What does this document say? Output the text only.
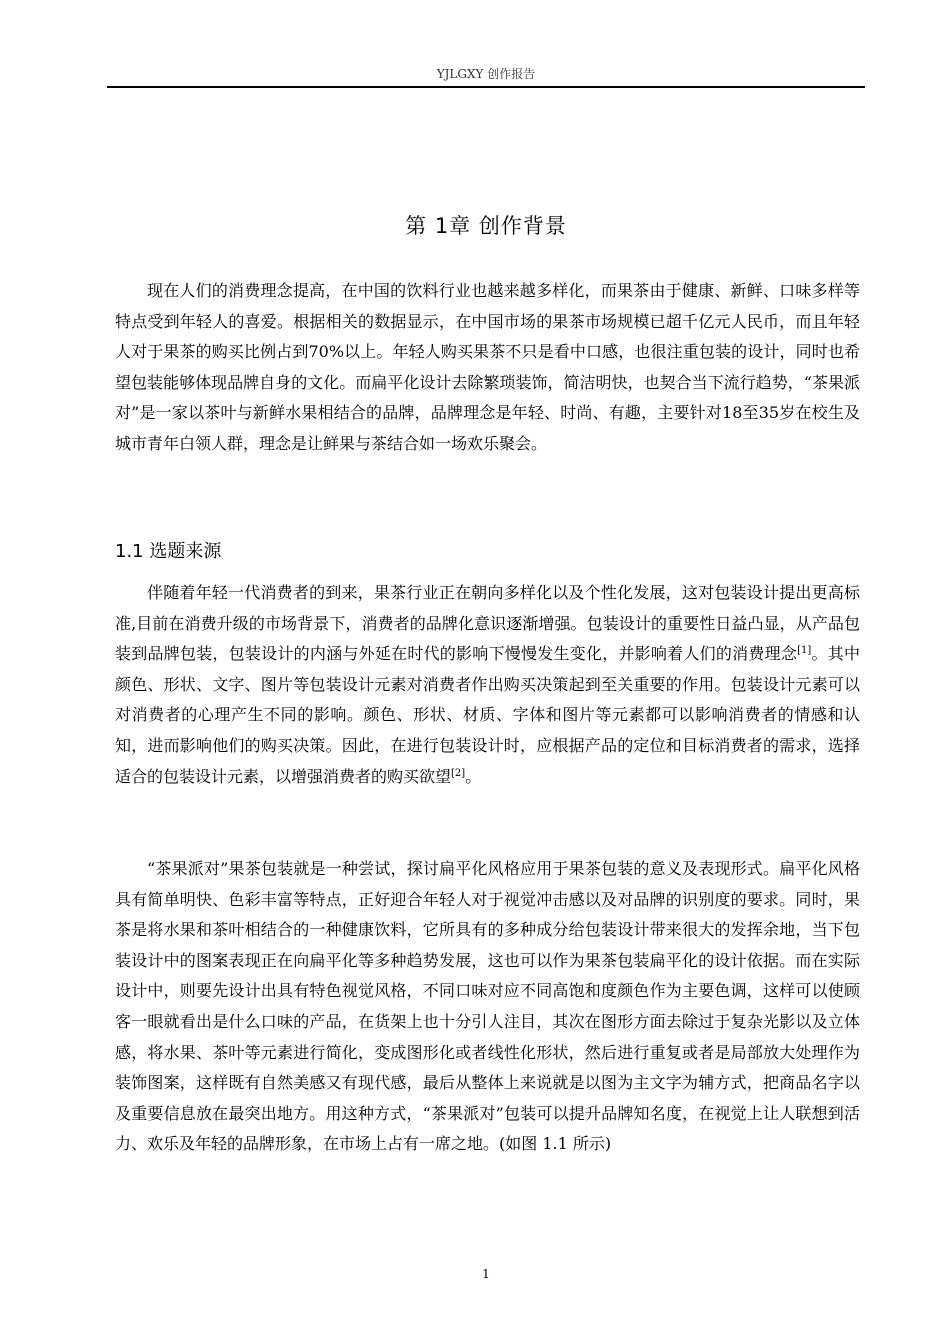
YJLGXY 创作报告
第 1章 创作背景

现在人们的消费理念提高，在中国的饮料行业也越来越多样化，而果茶由于健康、新鲜、口味多样等特点受到年轻人的喜爱。根据相关的数据显示，在中国市场的果茶市场规模已超千亿元人民币，而且年轻人对于果茶的购买比例占到70%以上。年轻人购买果茶不只是看中口感，也很注重包装的设计，同时也希望包装能够体现品牌自身的文化。而扁平化设计去除繁琐装饰，简洁明快，也契合当下流行趋势，“茶果派对”是一家以茶叶与新鲜水果相结合的品牌，品牌理念是年轻、时尚、有趣，主要针对18至35岁在校生及城市青年白领人群，理念是让鲜果与茶结合如一场欢乐聚会。

1.1 选题来源

伴随着年轻一代消费者的到来，果茶行业正在朝向多样化以及个性化发展，这对包装设计提出更高标准,目前在消费升级的市场背景下，消费者的品牌化意识逐渐增强。包装设计的重要性日益凸显，从产品包装到品牌包装，包装设计的内涵与外延在时代的影响下慢慢发生变化，并影响着人们的消费理念[1]。其中颜色、形状、文字、图片等包装设计元素对消费者作出购买决策起到至关重要的作用。包装设计元素可以对消费者的心理产生不同的影响。颜色、形状、材质、字体和图片等元素都可以影响消费者的情感和认知，进而影响他们的购买决策。因此，在进行包装设计时，应根据产品的定位和目标消费者的需求，选择适合的包装设计元素，以增强消费者的购买欲望[2]。

“茶果派对”果茶包装就是一种尝试，探讨扁平化风格应用于果茶包装的意义及表现形式。扁平化风格具有简单明快、色彩丰富等特点，正好迎合年轻人对于视觉冲击感以及对品牌的识别度的要求。同时，果茶是将水果和茶叶相结合的一种健康饮料，它所具有的多种成分给包装设计带来很大的发挥余地，当下包装设计中的图案表现正在向扁平化等多种趋势发展，这也可以作为果茶包装扁平化的设计依据。而在实际设计中，则要先设计出具有特色视觉风格，不同口味对应不同高饱和度颜色作为主要色调，这样可以使顾客一眼就看出是什么口味的产品，在货架上也十分引人注目，其次在图形方面去除过于复杂光影以及立体感，将水果、茶叶等元素进行简化，变成图形化或者线性化形状，然后进行重复或者是局部放大处理作为装饰图案，这样既有自然美感又有现代感，最后从整体上来说就是以图为主文字为辅方式，把商品名字以及重要信息放在最突出地方。用这种方式，“茶果派对”包装可以提升品牌知名度，在视觉上让人联想到活力、欢乐及年轻的品牌形象，在市场上占有一席之地。(如图 1.1 所示)

1
